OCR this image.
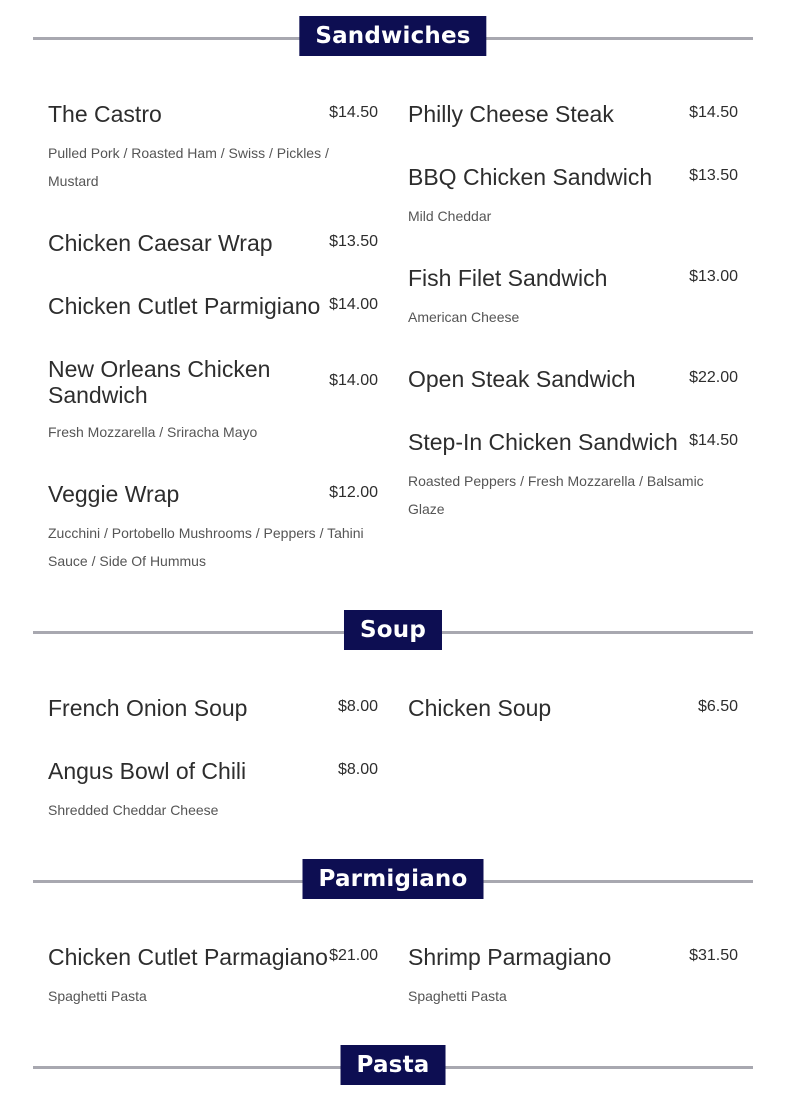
Sandwiches
The Castro	$14.50
Pulled Pork / Roasted Ham / Swiss / Pickles / Mustard
Chicken Caesar Wrap	$13.50
Chicken Cutlet Parmigiano $14.00
New Orleans Chicken Sandwich
$14.00
Fresh Mozzarella / Sriracha Mayo
Veggie Wrap	$12.00
Zucchini / Portobello Mushrooms / Peppers / Tahini Sauce / Side Of Hummus
Philly Cheese Steak	$14.50
BBQ Chicken Sandwich	$13.50
Mild Cheddar
Fish Filet Sandwich	$13.00
American Cheese
Open Steak Sandwich	$22.00
Step-In Chicken Sandwich $14.50
Roasted Peppers / Fresh Mozzarella / Balsamic Glaze
Soup
French Onion Soup	$8.00
Angus Bowl of Chili	$8.00
Shredded Cheddar Cheese
Chicken Soup	$6.50
Parmigiano
Chicken Cutlet Parmagiano $21.00
Spaghetti Pasta
Shrimp Parmagiano	$31.50
Spaghetti Pasta
Pasta
